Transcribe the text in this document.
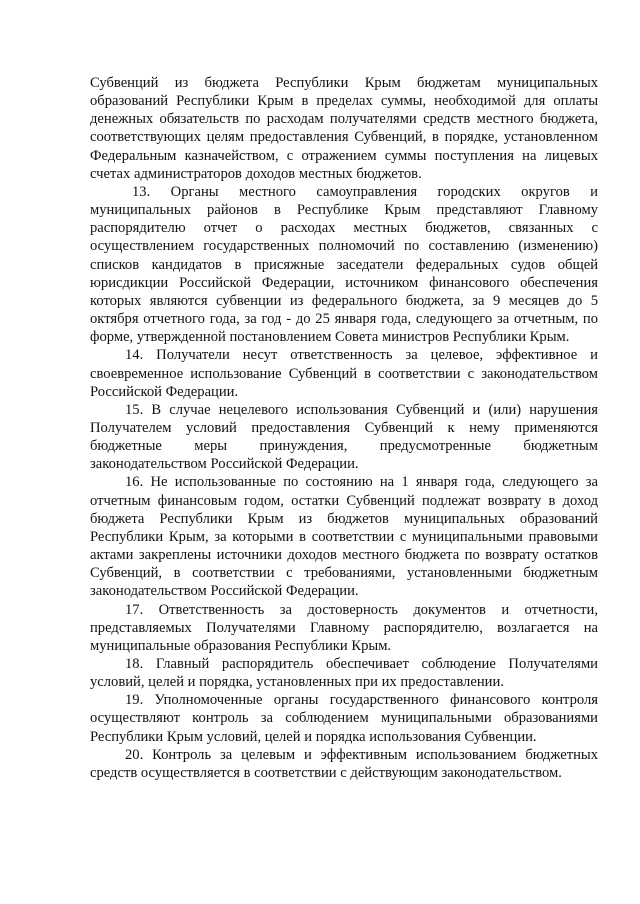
Субвенций из бюджета Республики Крым бюджетам муниципальных образований Республики Крым в пределах суммы, необходимой для оплаты денежных обязательств по расходам получателями средств местного бюджета, соответствующих целям предоставления Субвенций, в порядке, установленном Федеральным казначейством, с отражением суммы поступления на лицевых счетах администраторов доходов местных бюджетов.

13. Органы местного самоуправления городских округов и муниципальных районов в Республике Крым представляют Главному распорядителю отчет о расходах местных бюджетов, связанных с осуществлением государственных полномочий по составлению (изменению) списков кандидатов в присяжные заседатели федеральных судов общей юрисдикции Российской Федерации, источником финансового обеспечения которых являются субвенции из федерального бюджета, за 9 месяцев до 5 октября отчетного года, за год - до 25 января года, следующего за отчетным, по форме, утвержденной постановлением Совета министров Республики Крым.

14. Получатели несут ответственность за целевое, эффективное и своевременное использование Субвенций в соответствии с законодательством Российской Федерации.

15. В случае нецелевого использования Субвенций и (или) нарушения Получателем условий предоставления Субвенций к нему применяются бюджетные меры принуждения, предусмотренные бюджетным законодательством Российской Федерации.

16. Не использованные по состоянию на 1 января года, следующего за отчетным финансовым годом, остатки Субвенций подлежат возврату в доход бюджета Республики Крым из бюджетов муниципальных образований Республики Крым, за которыми в соответствии с муниципальными правовыми актами закреплены источники доходов местного бюджета по возврату остатков Субвенций, в соответствии с требованиями, установленными бюджетным законодательством Российской Федерации.

17. Ответственность за достоверность документов и отчетности, представляемых Получателями Главному распорядителю, возлагается на муниципальные образования Республики Крым.

18. Главный распорядитель обеспечивает соблюдение Получателями условий, целей и порядка, установленных при их предоставлении.

19. Уполномоченные органы государственного финансового контроля осуществляют контроль за соблюдением муниципальными образованиями Республики Крым условий, целей и порядка использования Субвенции.

20. Контроль за целевым и эффективным использованием бюджетных средств осуществляется в соответствии с действующим законодательством.
